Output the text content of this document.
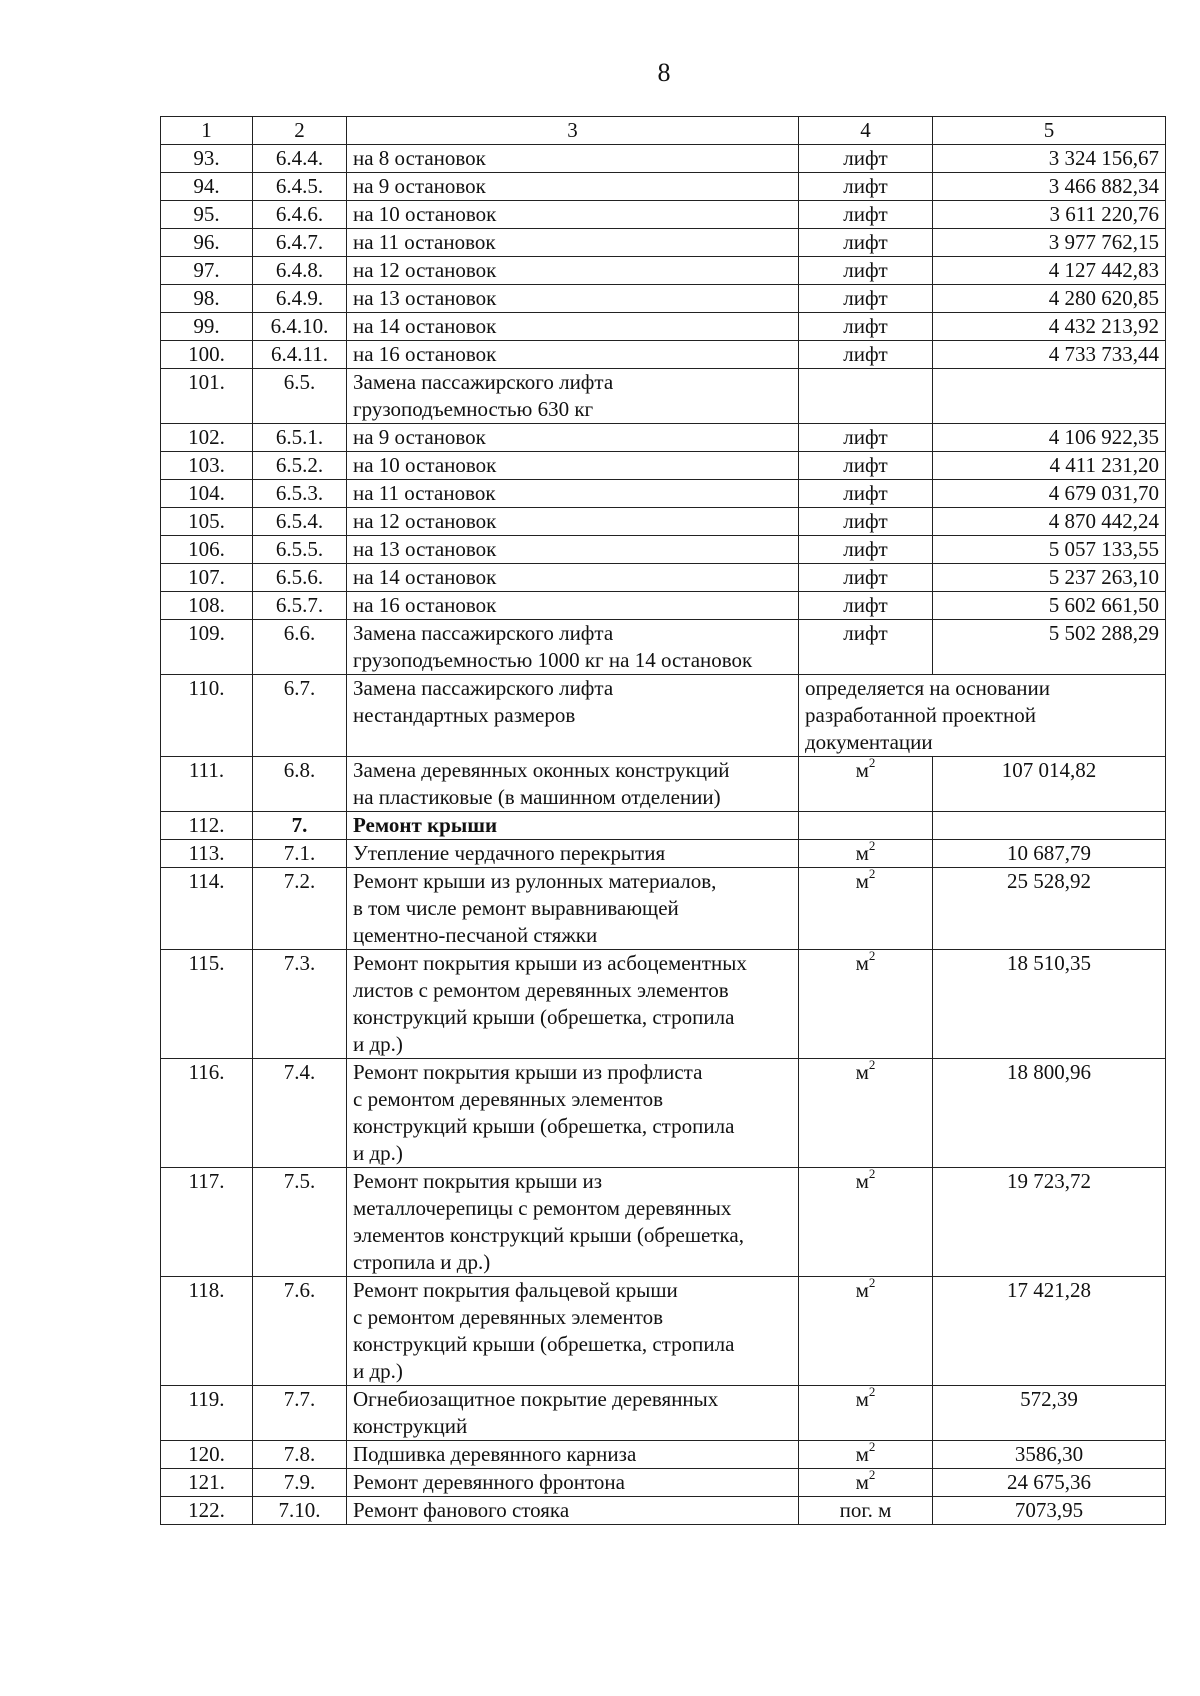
8
1	2	3	4	5
93.	6.4.4.	на 8 остановок	лифт	3 324 156,67
94.	6.4.5.	на 9 остановок	лифт	3 466 882,34
95.	6.4.6.	на 10 остановок	лифт	3 611 220,76
96.	6.4.7.	на 11 остановок	лифт	3 977 762,15
97.	6.4.8.	на 12 остановок	лифт	4 127 442,83
98.	6.4.9.	на 13 остановок	лифт	4 280 620,85
99.	6.4.10.	на 14 остановок	лифт	4 432 213,92
100.	6.4.11.	на 16 остановок	лифт	4 733 733,44
101.	6.5.	Замена пассажирского лифта
грузоподъемностью 630 кг		
102.	6.5.1.	на 9 остановок	лифт	4 106 922,35
103.	6.5.2.	на 10 остановок	лифт	4 411 231,20
104.	6.5.3.	на 11 остановок	лифт	4 679 031,70
105.	6.5.4.	на 12 остановок	лифт	4 870 442,24
106.	6.5.5.	на 13 остановок	лифт	5 057 133,55
107.	6.5.6.	на 14 остановок	лифт	5 237 263,10
108.	6.5.7.	на 16 остановок	лифт	5 602 661,50
109.	6.6.	Замена пассажирского лифта
грузоподъемностью 1000 кг на 14 остановок	лифт	5 502 288,29
110.	6.7.	Замена пассажирского лифта
нестандартных размеров	определяется на основании
разработанной проектной
документации	
111.	6.8.	Замена деревянных оконных конструкций
на пластиковые (в машинном отделении)	$м^2$	107 014,82
112.	7.	Ремонт крыши		
113.	7.1.	Утепление чердачного перекрытия	$м^2$	10 687,79
114.	7.2.	Ремонт крыши из рулонных материалов,
в том числе ремонт выравнивающей
цементно-песчаной стяжки	$м^2$	25 528,92
115.	7.3.	Ремонт покрытия крыши из асбоцементных
листов с ремонтом деревянных элементов
конструкций крыши (обрешетка, стропила
и др.)	$м^2$	18 510,35
116.	7.4.	Ремонт покрытия крыши из профлиста
с ремонтом деревянных элементов
конструкций крыши (обрешетка, стропила
и др.)	$м^2$	18 800,96
117.	7.5.	Ремонт покрытия крыши из
металлочерепицы с ремонтом деревянных
элементов конструкций крыши (обрешетка,
стропила и др.)	$м^2$	19 723,72
118.	7.6.	Ремонт покрытия фальцевой крыши
с ремонтом деревянных элементов
конструкций крыши (обрешетка, стропила
и др.)	$м^2$	17 421,28
119.	7.7.	Огнебиозащитное покрытие деревянных
конструкций	$м^2$	572,39
120.	7.8.	Подшивка деревянного карниза	$м^2$	3586,30
121.	7.9.	Ремонт деревянного фронтона	$м^2$	24 675,36
122.	7.10.	Ремонт фанового стояка	пог. м	7073,95
